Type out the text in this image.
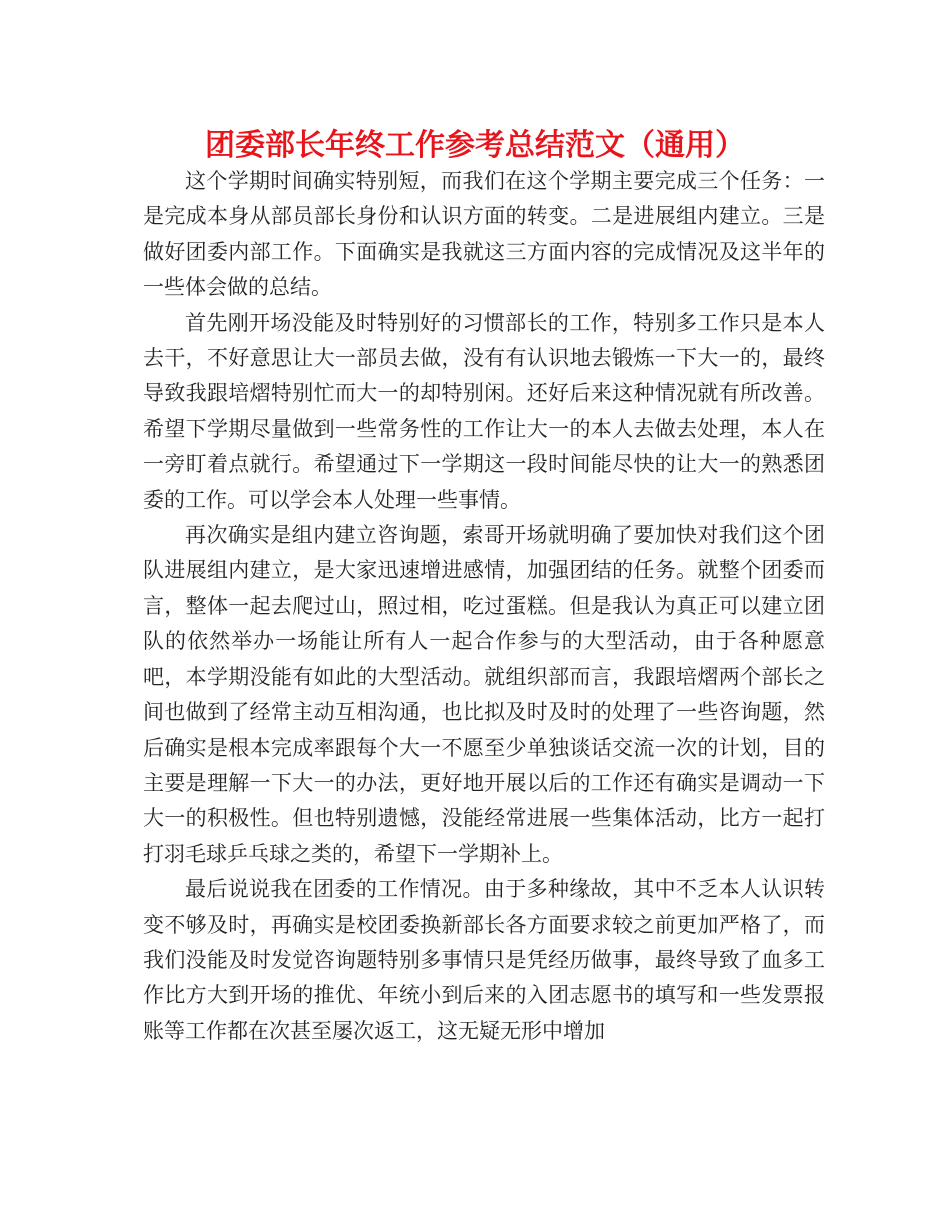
团委部长年终工作参考总结范文（通用）

这个学期时间确实特别短，而我们在这个学期主要完成三个任务：一是完成本身从部员部长身份和认识方面的转变。二是进展组内建立。三是做好团委内部工作。下面确实是我就这三方面内容的完成情况及这半年的一些体会做的总结。

首先刚开场没能及时特别好的习惯部长的工作，特别多工作只是本人去干，不好意思让大一部员去做，没有有认识地去锻炼一下大一的，最终导致我跟培熠特别忙而大一的却特别闲。还好后来这种情况就有所改善。希望下学期尽量做到一些常务性的工作让大一的本人去做去处理，本人在一旁盯着点就行。希望通过下一学期这一段时间能尽快的让大一的熟悉团委的工作。可以学会本人处理一些事情。

再次确实是组内建立咨询题，索哥开场就明确了要加快对我们这个团队进展组内建立，是大家迅速增进感情，加强团结的任务。就整个团委而言，整体一起去爬过山，照过相，吃过蛋糕。但是我认为真正可以建立团队的依然举办一场能让所有人一起合作参与的大型活动，由于各种愿意吧，本学期没能有如此的大型活动。就组织部而言，我跟培熠两个部长之间也做到了经常主动互相沟通，也比拟及时及时的处理了一些咨询题，然后确实是根本完成率跟每个大一不愿至少单独谈话交流一次的计划，目的主要是理解一下大一的办法，更好地开展以后的工作还有确实是调动一下大一的积极性。但也特别遗憾，没能经常进展一些集体活动，比方一起打打羽毛球乒乓球之类的，希望下一学期补上。

最后说说我在团委的工作情况。由于多种缘故，其中不乏本人认识转变不够及时，再确实是校团委换新部长各方面要求较之前更加严格了，而我们没能及时发觉咨询题特别多事情只是凭经历做事，最终导致了血多工作比方大到开场的推优、年统小到后来的入团志愿书的填写和一些发票报账等工作都在次甚至屡次返工，这无疑无形中增加
